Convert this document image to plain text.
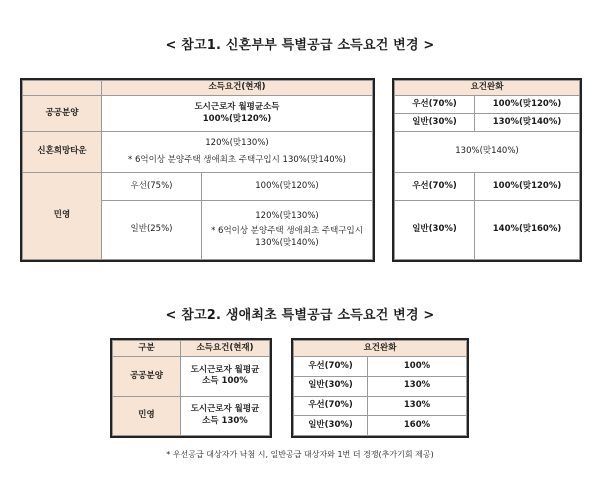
< 참고1. 신혼부부 특별공급 소득요건 변경 >
	소득요건(현재)	
공공분양	도시근로자 월평균소득
100%(맞120%)	

신혼희망타운	120%(맞130%)
* 6억이상 분양주택 생애최초 주택구입시 130%(맞140%)	

민영	우선(75%)	100%(맞120%)
	일반(25%)	120%(맞130%)
* 6억이상 분양주택 생애최초 주택구입시
130%(맞140%)
요건완화	
우선(70%)	100%(맞120%)
일반(30%)	130%(맞140%)
130%(맞140%)	
우선(70%)	100%(맞120%)
일반(30%)	140%(맞160%)
< 참고2. 생애최초 특별공급 소득요건 변경 >
구분	소득요건(현재)
공공분양	도시근로자 월평균
소득 100%

민영	도시근로자 월평균
소득 130%
요건완화	
우선(70%)	100%
일반(30%)	130%
우선(70%)	130%
일반(30%)	160%
* 우선공급 대상자가 낙첨 시, 일반공급 대상자와 1번 더 경쟁(추가기회 제공)
